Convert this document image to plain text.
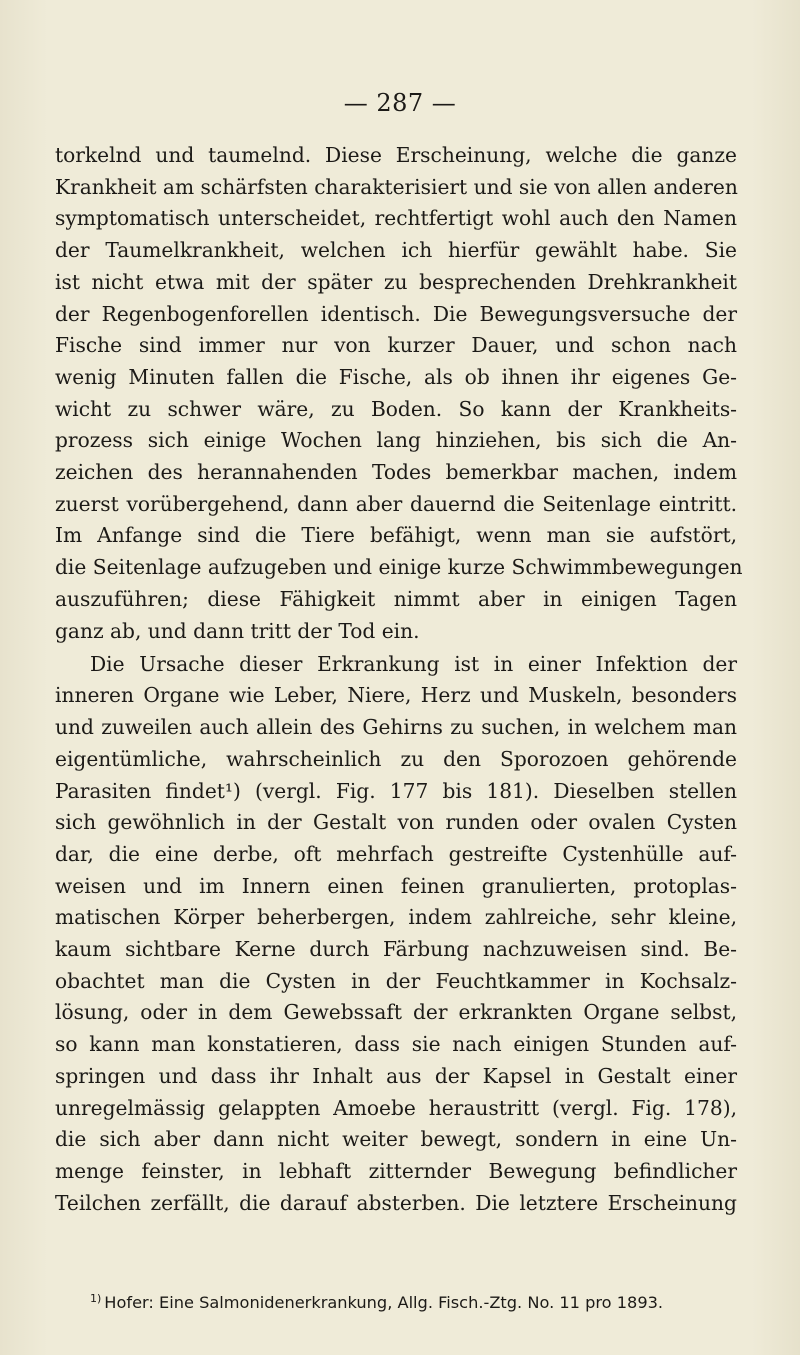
— 287 —

torkelnd und taumelnd. Diese Erscheinung, welche die ganze
Krankheit am schärfsten charakterisiert und sie von allen anderen
symptomatisch unterscheidet, rechtfertigt wohl auch den Namen
der Taumelkrankheit, welchen ich hierfür gewählt habe. Sie
ist nicht etwa mit der später zu besprechenden Drehkrankheit
der Regenbogenforellen identisch. Die Bewegungsversuche der
Fische sind immer nur von kurzer Dauer, und schon nach
wenig Minuten fallen die Fische, als ob ihnen ihr eigenes Ge-
wicht zu schwer wäre, zu Boden. So kann der Krankheits-
prozess sich einige Wochen lang hinziehen, bis sich die An-
zeichen des herannahenden Todes bemerkbar machen, indem
zuerst vorübergehend, dann aber dauernd die Seitenlage eintritt.
Im Anfange sind die Tiere befähigt, wenn man sie aufstört,
die Seitenlage aufzugeben und einige kurze Schwimmbewegungen
auszuführen; diese Fähigkeit nimmt aber in einigen Tagen
ganz ab, und dann tritt der Tod ein.

Die Ursache dieser Erkrankung ist in einer Infektion der
inneren Organe wie Leber, Niere, Herz und Muskeln, besonders
und zuweilen auch allein des Gehirns zu suchen, in welchem man
eigentümliche, wahrscheinlich zu den Sporozoen gehörende
Parasiten findet¹) (vergl. Fig. 177 bis 181). Dieselben stellen
sich gewöhnlich in der Gestalt von runden oder ovalen Cysten
dar, die eine derbe, oft mehrfach gestreifte Cystenhülle auf-
weisen und im Innern einen feinen granulierten, protoplas-
matischen Körper beherbergen, indem zahlreiche, sehr kleine,
kaum sichtbare Kerne durch Färbung nachzuweisen sind. Be-
obachtet man die Cysten in der Feuchtkammer in Kochsalz-
lösung, oder in dem Gewebssaft der erkrankten Organe selbst,
so kann man konstatieren, dass sie nach einigen Stunden auf-
springen und dass ihr Inhalt aus der Kapsel in Gestalt einer
unregelmässig gelappten Amoebe heraustritt (vergl. Fig. 178),
die sich aber dann nicht weiter bewegt, sondern in eine Un-
menge feinster, in lebhaft zitternder Bewegung befindlicher
Teilchen zerfällt, die darauf absterben. Die letztere Erscheinung

$^{1)}$ Hofer: Eine Salmonidenerkrankung, Allg. Fisch.-Ztg. No. 11 pro 1893.
